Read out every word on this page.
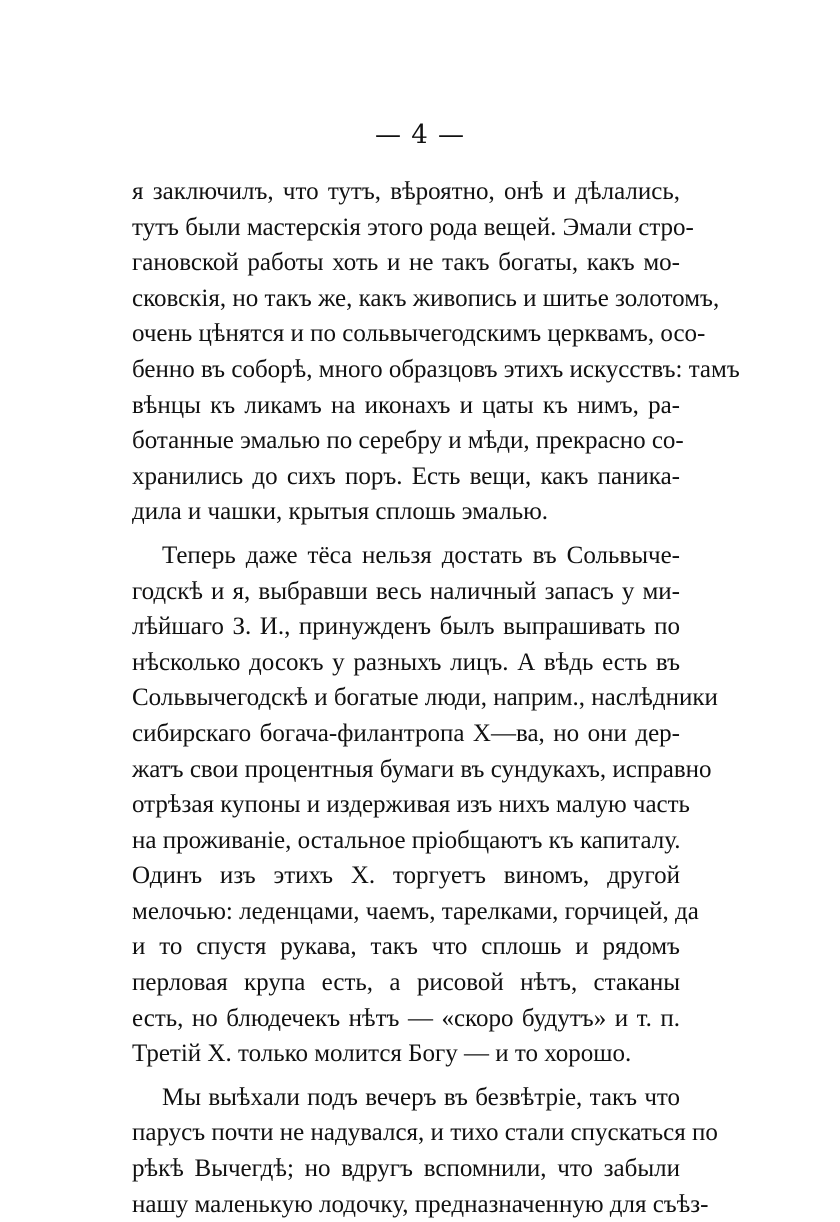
— 4 —
я заключилъ, что тутъ, вѣроятно, онѣ и дѣлались,
тутъ были мастерскія этого рода вещей. Эмали стро-
гановской работы хоть и не такъ богаты, какъ мо-
сковскія, но такъ же, какъ живопись и шитье золотомъ,
очень цѣнятся и по сольвычегодскимъ церквамъ, осо-
бенно въ соборѣ, много образцовъ этихъ искусствъ: тамъ
вѣнцы къ ликамъ на иконахъ и цаты къ нимъ, ра-
ботанные эмалью по серебру и мѣди, прекрасно со-
хранились до сихъ поръ. Есть вещи, какъ паника-
дила и чашки, крытыя сплошь эмалью.
Теперь даже тёса нельзя достать въ Сольвыче-
годскѣ и я, выбравши весь наличный запасъ у ми-
лѣйшаго З. И., принужденъ былъ выпрашивать по
нѣсколько досокъ у разныхъ лицъ. А вѣдь есть въ
Сольвычегодскѣ и богатые люди, наприм., наслѣдники
сибирскаго богача-филантропа Х—ва, но они дер-
жатъ свои процентныя бумаги въ сундукахъ, исправно
отрѣзая купоны и издерживая изъ нихъ малую часть
на проживаніе, остальное пріобщаютъ къ капиталу.
Одинъ изъ этихъ Х. торгуетъ виномъ, другой
мелочью: леденцами, чаемъ, тарелками, горчицей, да
и то спустя рукава, такъ что сплошь и рядомъ
перловая крупа есть, а рисовой нѣтъ, стаканы
есть, но блюдечекъ нѣтъ — «скоро будутъ» и т. п.
Третій Х. только молится Богу — и то хорошо.
Мы выѣхали подъ вечеръ въ безвѣтріе, такъ что
парусъ почти не надувался, и тихо стали спускаться по
рѣкѣ Вычегдѣ; но вдругъ вспомнили, что забыли
нашу маленькую лодочку, предназначенную для съѣз-
